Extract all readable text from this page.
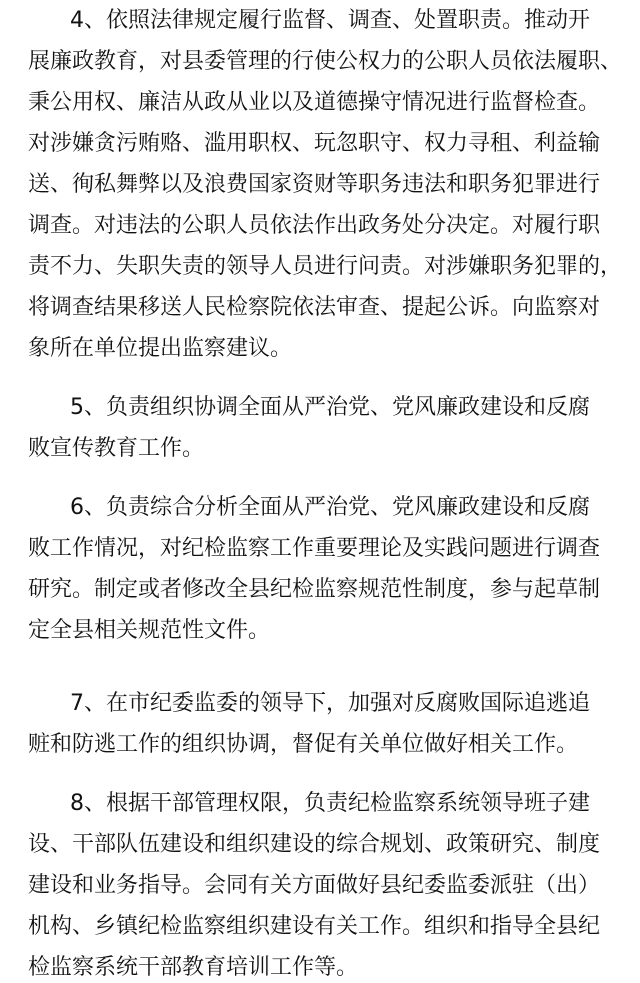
4、依照法律规定履行监督、调查、处置职责。推动开
展廉政教育，对县委管理的行使公权力的公职人员依法履职、
秉公用权、廉洁从政从业以及道德操守情况进行监督检查。
对涉嫌贪污贿赂、滥用职权、玩忽职守、权力寻租、利益输
送、徇私舞弊以及浪费国家资财等职务违法和职务犯罪进行
调查。对违法的公职人员依法作出政务处分决定。对履行职
责不力、失职失责的领导人员进行问责。对涉嫌职务犯罪的，
将调查结果移送人民检察院依法审查、提起公诉。向监察对
象所在单位提出监察建议。
5、负责组织协调全面从严治党、党风廉政建设和反腐
败宣传教育工作。
6、负责综合分析全面从严治党、党风廉政建设和反腐
败工作情况，对纪检监察工作重要理论及实践问题进行调查
研究。制定或者修改全县纪检监察规范性制度，参与起草制
定全县相关规范性文件。
7、在市纪委监委的领导下，加强对反腐败国际追逃追
赃和防逃工作的组织协调，督促有关单位做好相关工作。
8、根据干部管理权限，负责纪检监察系统领导班子建
设、干部队伍建设和组织建设的综合规划、政策研究、制度
建设和业务指导。会同有关方面做好县纪委监委派驻（出）
机构、乡镇纪检监察组织建设有关工作。组织和指导全县纪
检监察系统干部教育培训工作等。
